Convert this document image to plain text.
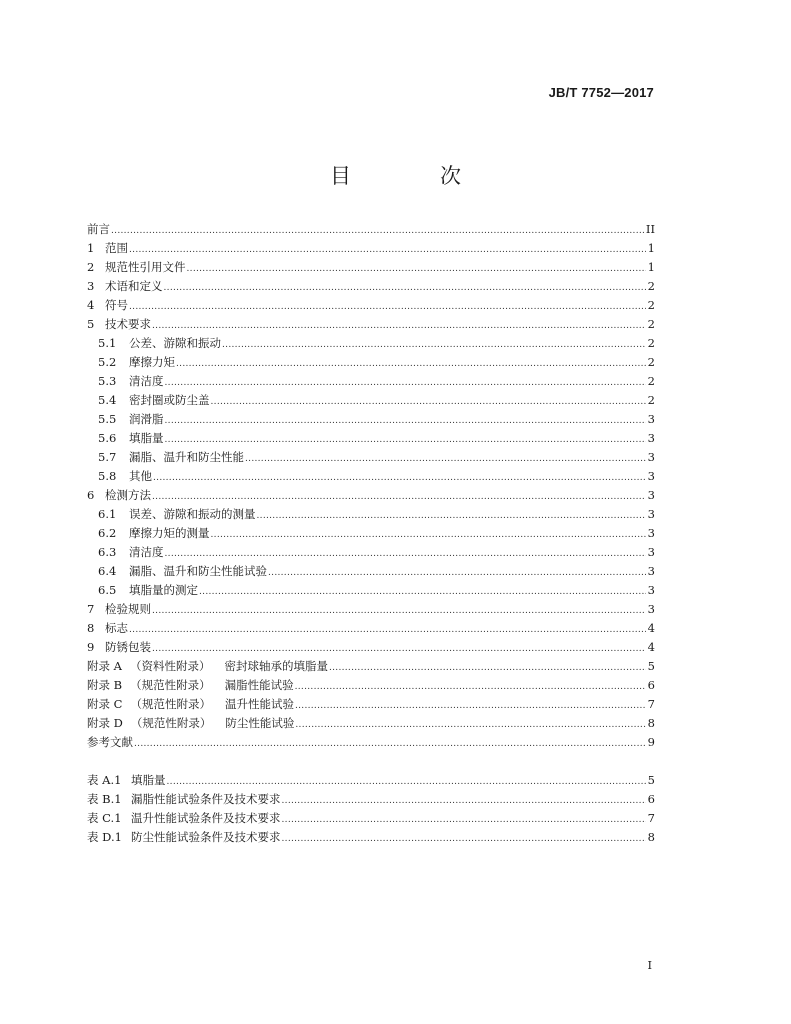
JB/T 7752—2017
目　次
前言 .....	II
1 范围 .....	1
2 规范性引用文件 .....	1
3 术语和定义 .....	2
4 符号 .....	2
5 技术要求 .....	2
5.1	公差、游隙和振动 .....	2
5.2	摩擦力矩 .....	2
5.3	清洁度 .....	2
5.4	密封圈或防尘盖 .....	2
5.5	润滑脂 .....	3
5.6	填脂量 .....	3
5.7	漏脂、温升和防尘性能 .....	3
5.8	其他 .....	3
6 检测方法 .....	3
6.1	误差、游隙和振动的测量 .....	3
6.2	摩擦力矩的测量 .....	3
6.3	清洁度 .....	3
6.4	漏脂、温升和防尘性能试验 .....	3
6.5	填脂量的测定 .....	3
7 检验规则 .....	3
8 标志 .....	4
9 防锈包装 .....	4
附录 A （资料性附录） 密封球轴承的填脂量 .....	5
附录 B （规范性附录） 漏脂性能试验 .....	6
附录 C （规范性附录） 温升性能试验 .....	7
附录 D （规范性附录） 防尘性能试验 .....	8
参考文献 .....	9
表 A.1 填脂量 .....	5
表 B.1 漏脂性能试验条件及技术要求 .....	6
表 C.1 温升性能试验条件及技术要求 .....	7
表 D.1 防尘性能试验条件及技术要求 .....	8
I
